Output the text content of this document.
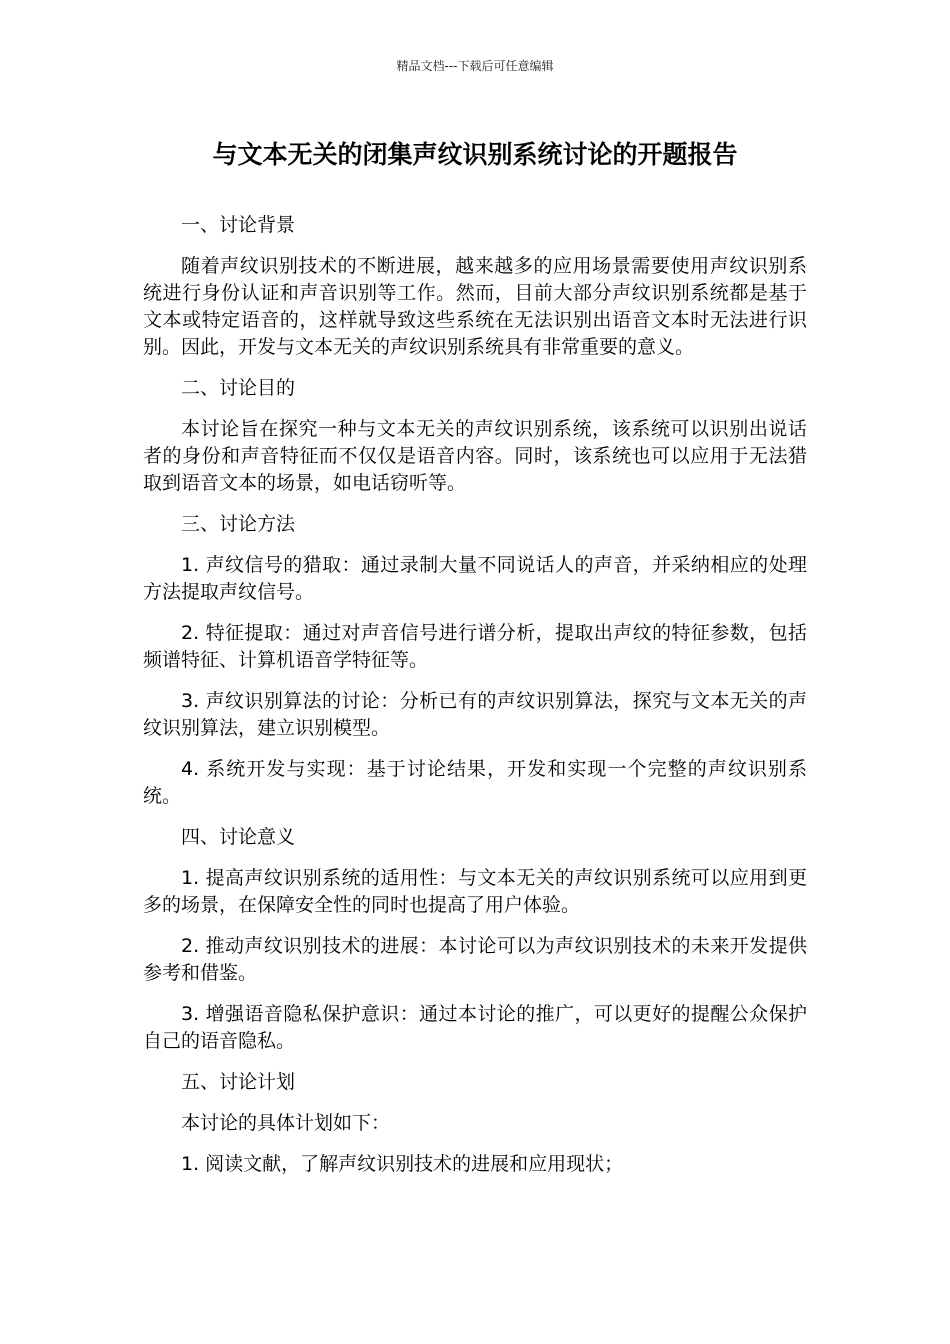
精品文档---下载后可任意编辑
与文本无关的闭集声纹识别系统讨论的开题报告

一、讨论背景

随着声纹识别技术的不断进展，越来越多的应用场景需要使用声纹识别系统进行身份认证和声音识别等工作。然而，目前大部分声纹识别系统都是基于文本或特定语音的，这样就导致这些系统在无法识别出语音文本时无法进行识别。因此，开发与文本无关的声纹识别系统具有非常重要的意义。

二、讨论目的

本讨论旨在探究一种与文本无关的声纹识别系统，该系统可以识别出说话者的身份和声音特征而不仅仅是语音内容。同时，该系统也可以应用于无法猎取到语音文本的场景，如电话窃听等。

三、讨论方法

1. 声纹信号的猎取：通过录制大量不同说话人的声音，并采纳相应的处理方法提取声纹信号。

2. 特征提取：通过对声音信号进行谱分析，提取出声纹的特征参数，包括频谱特征、计算机语音学特征等。

3. 声纹识别算法的讨论：分析已有的声纹识别算法，探究与文本无关的声纹识别算法，建立识别模型。

4. 系统开发与实现：基于讨论结果，开发和实现一个完整的声纹识别系统。

四、讨论意义

1. 提高声纹识别系统的适用性：与文本无关的声纹识别系统可以应用到更多的场景，在保障安全性的同时也提高了用户体验。

2. 推动声纹识别技术的进展：本讨论可以为声纹识别技术的未来开发提供参考和借鉴。

3. 增强语音隐私保护意识：通过本讨论的推广，可以更好的提醒公众保护自己的语音隐私。

五、讨论计划

本讨论的具体计划如下：

1. 阅读文献，了解声纹识别技术的进展和应用现状；
